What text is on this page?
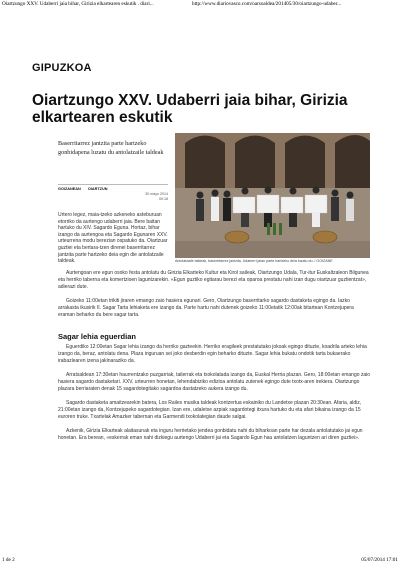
Oiartzungo XXV. Udaberri jaia bihar, Girizia elkartearen eskutik . diari...	http://www.diariovasco.com/oarsoaldea/201405/30/oiartzungo-udaber...
GIPUZKOA
Oiartzungo XXV. Udaberri jaia bihar, Girizia elkartearen eskutik
Baserritarrez jantzita parte hartzeko gonbidapena luzatu du antolatzaile taldeak
GOIZANEAN OIARTZUN
30 mayo 2014
00:18
Urtero legez, maia-tzeko azkeneko asteburuan etorriko da aurtengo udaberri jaia. Bere baitan hartuko du XIV. Sagardo Eguna. Hortaz, bihar izango da aurtengoa eta Sagardo Egunaren XXV. urteurrena modu berezian ospatuko da. Oiartzuar guztiei eta bertara-tzen direnei baserritarrez jantzita parte hartzeko deia egin die antolatzaile taldeak.	Antolatzaile taldeak, baserritarrez jantzita, Udaberri jaian parte hartzeko deia luzatu du. / GOIZANE

Aurtengoan ere egun osoko festa antolatu du Girizia Elkarteko Kultur eta Kirol saileak, Oiartzungo Udala, Tur-itur Euskaltzaleon Bilgunea eta herriko taberna eta komertzioen laguntzarekin. «Egun guztiko egitarau berezi eta oparoa prestatu nahi izan dugu oiartzuar guztientzat», adierazi dute.

Goizeko 11:00etan trikiti jiraren emango zaio hasiera egunari. Gero, Oiartzungo baserritarko sagardo dastaketa egingo da. Iazko arrakasta ikusirik II. Sagar Tarta lehiaketa ere izango da. Parte hartu nahi dutenek goizeko 11:00etatik 12:00ak bitartean Kontzejupera eraman beharko du bere sagar tarta.

Sagar lehia eguerdian

Eguerdiko 12:00etan Sagar lehia izango da herriko gazteekin. Herriko eragileek prestatutako jokoak egingo dituzte, koadrila arteko lehia izango da, beraz, antolatu dena. Plaza inguruan sei joko desberdin egin beharko dituzte. Sagar lehia bukatu ondotik tarta bukaerako irabazlearen izena jakinaraziko da.

Arratsaldean 17:30etan haurrentzako puzgarriak, tailerrak eta txokolatada izango da, Euskal Herria plazan. Gero, 18:00etan emango zaio hasiera sagardo dastaketari. XXV. urteurren honetan, lehendabiziko edizioa antolatu zutenek egingo dute txotx-aren irekiera. Oiartzungo plazara berriaraten denak 15 sagardotegitako sagardoa dastatzeko aukera izango du.

Sagardo dastaketa amaitzearekin batera, Los Railes musika taldeak kontzertua eskainiko du Landetxe plazan 20:30ean. Afaria, aldiz, 21:00etan izango da, Kontzejupeko sagardotegian. Izan ere, udaletxe azpiak sagardotegi itxura hartuko du eta afari bikaina izango da 15 euroren truke. Txartelak Amazker tabernan eta Garmendi txokolategian daude salgai.

Azkenik, Girizia Elkarteak alaitasunak eta inguru herrietako jendea gonbidatu nahi du biharkoan parte har dezala antolatutako jai egun honetan. Era berean, «eskerrak eman nahi dizkiegu aurtengo Udaberri jai eta Sagardo Egun hau antolatzen laguntzen ari diren guztiei».

1 de 2	05/07/2014 17:01
